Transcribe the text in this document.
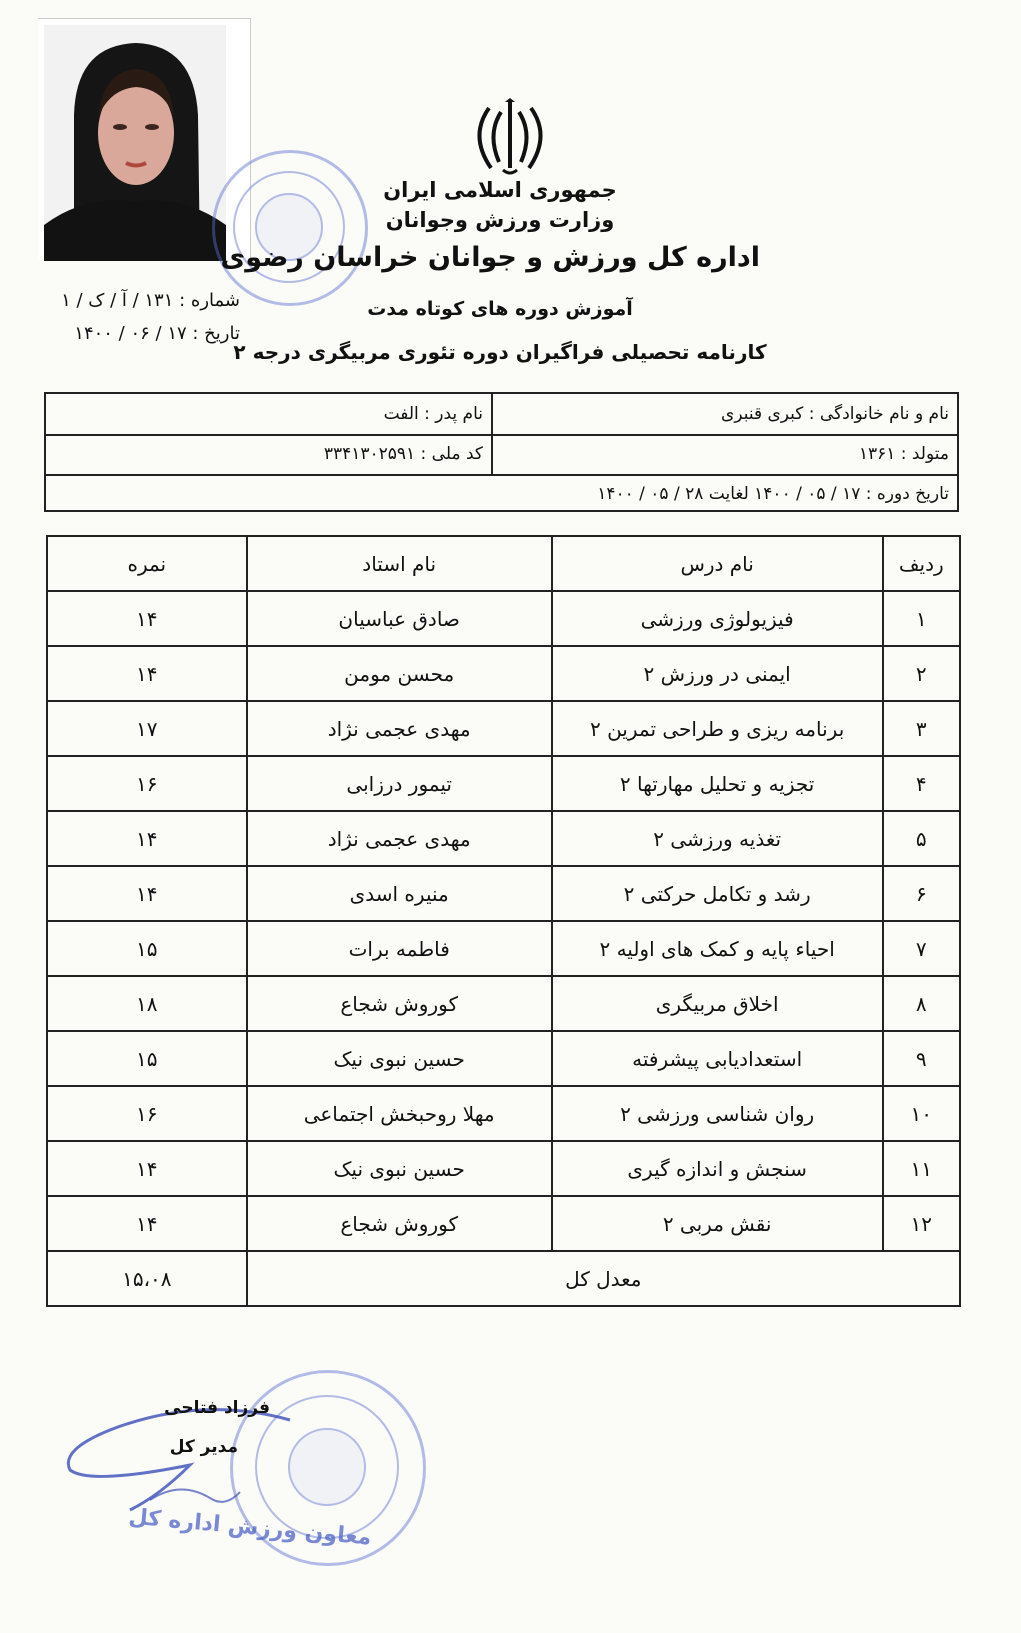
جمهوری اسلامی ایران
وزارت ورزش وجوانان
اداره کل ورزش و جوانان خراسان رضوی
آموزش دوره های کوتاه مدت
کارنامه تحصیلی فراگیران دوره تئوری مربیگری درجه ۲
شماره : ۱۳۱ / آ / ک / ۱
تاریخ : ۱۷ / ۰۶ / ۱۴۰۰
نام و نام خانوادگی : کبری قنبری
نام پدر : الفت
متولد : ۱۳۶۱
کد ملی : ۳۳۴۱۳۰۲۵۹۱
تاریخ دوره : ۱۷ / ۰۵ / ۱۴۰۰ لغایت ۲۸ / ۰۵ / ۱۴۰۰
ردیف	نام درس	نام استاد	نمره
۱	فیزیولوژی ورزشی	صادق عباسیان	۱۴
۲	ایمنی در ورزش ۲	محسن مومن	۱۴
۳	برنامه ریزی و طراحی تمرین ۲	مهدی عجمی نژاد	۱۷
۴	تجزیه و تحلیل مهارتها ۲	تیمور درزابی	۱۶
۵	تغذیه ورزشی ۲	مهدی عجمی نژاد	۱۴
۶	رشد و تکامل حرکتی ۲	منیره اسدی	۱۴
۷	احیاء پایه و کمک های اولیه ۲	فاطمه برات	۱۵
۸	اخلاق مربیگری	کوروش شجاع	۱۸
۹	استعدادیابی پیشرفته	حسین نبوی نیک	۱۵
۱۰	روان شناسی ورزشی ۲	مهلا روحبخش اجتماعی	۱۶
۱۱	سنجش و اندازه گیری	حسین نبوی نیک	۱۴
۱۲	نقش مربی ۲	کوروش شجاع	۱۴
معدل کل			۱۵،۰۸
فرزاد فتاحی
مدیر کل
معاون ورزش اداره کل
